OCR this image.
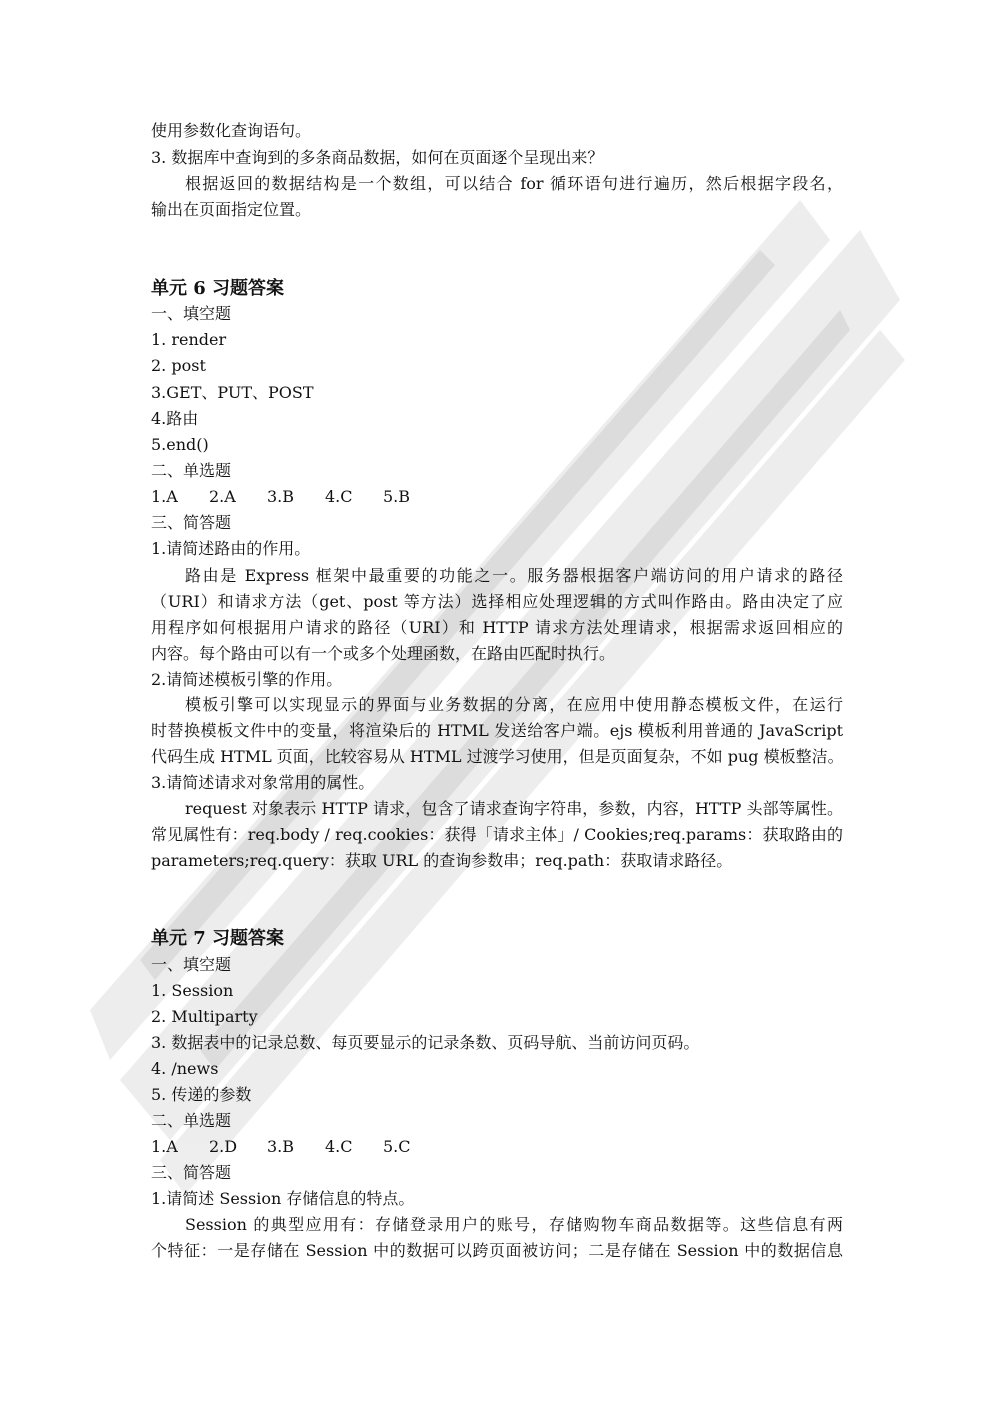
使用参数化查询语句。
3. 数据库中查询到的多条商品数据，如何在页面逐个呈现出来？
根据返回的数据结构是一个数组，可以结合 for 循环语句进行遍历，然后根据字段名，
输出在页面指定位置。
单元 6 习题答案
一、填空题
1. render
2. post
3.GET、PUT、POST
4.路由
5.end()
二、单选题
1.A 2.A 3.B 4.C 5.B
三、简答题
1.请简述路由的作用。
路由是 Express 框架中最重要的功能之一。服务器根据客户端访问的用户请求的路径
（URI）和请求方法（get、post 等方法）选择相应处理逻辑的方式叫作路由。路由决定了应
用程序如何根据用户请求的路径（URI）和 HTTP 请求方法处理请求，根据需求返回相应的
内容。每个路由可以有一个或多个处理函数，在路由匹配时执行。
2.请简述模板引擎的作用。
模板引擎可以实现显示的界面与业务数据的分离，在应用中使用静态模板文件，在运行
时替换模板文件中的变量，将渲染后的 HTML 发送给客户端。ejs 模板利用普通的 JavaScript
代码生成 HTML 页面，比较容易从 HTML 过渡学习使用，但是页面复杂，不如 pug 模板整洁。
3.请简述请求对象常用的属性。
request 对象表示 HTTP 请求，包含了请求查询字符串，参数，内容，HTTP 头部等属性。
常见属性有：req.body / req.cookies：获得「请求主体」/ Cookies;req.params：获取路由的
parameters;req.query：获取 URL 的查询参数串；req.path：获取请求路径。
单元 7 习题答案
一、填空题
1. Session
2. Multiparty
3. 数据表中的记录总数、每页要显示的记录条数、页码导航、当前访问页码。
4. /news
5. 传递的参数
二、单选题
1.A 2.D 3.B 4.C 5.C
三、简答题
1.请简述 Session 存储信息的特点。
Session 的典型应用有：存储登录用户的账号，存储购物车商品数据等。这些信息有两
个特征：一是存储在 Session 中的数据可以跨页面被访问；二是存储在 Session 中的数据信息
